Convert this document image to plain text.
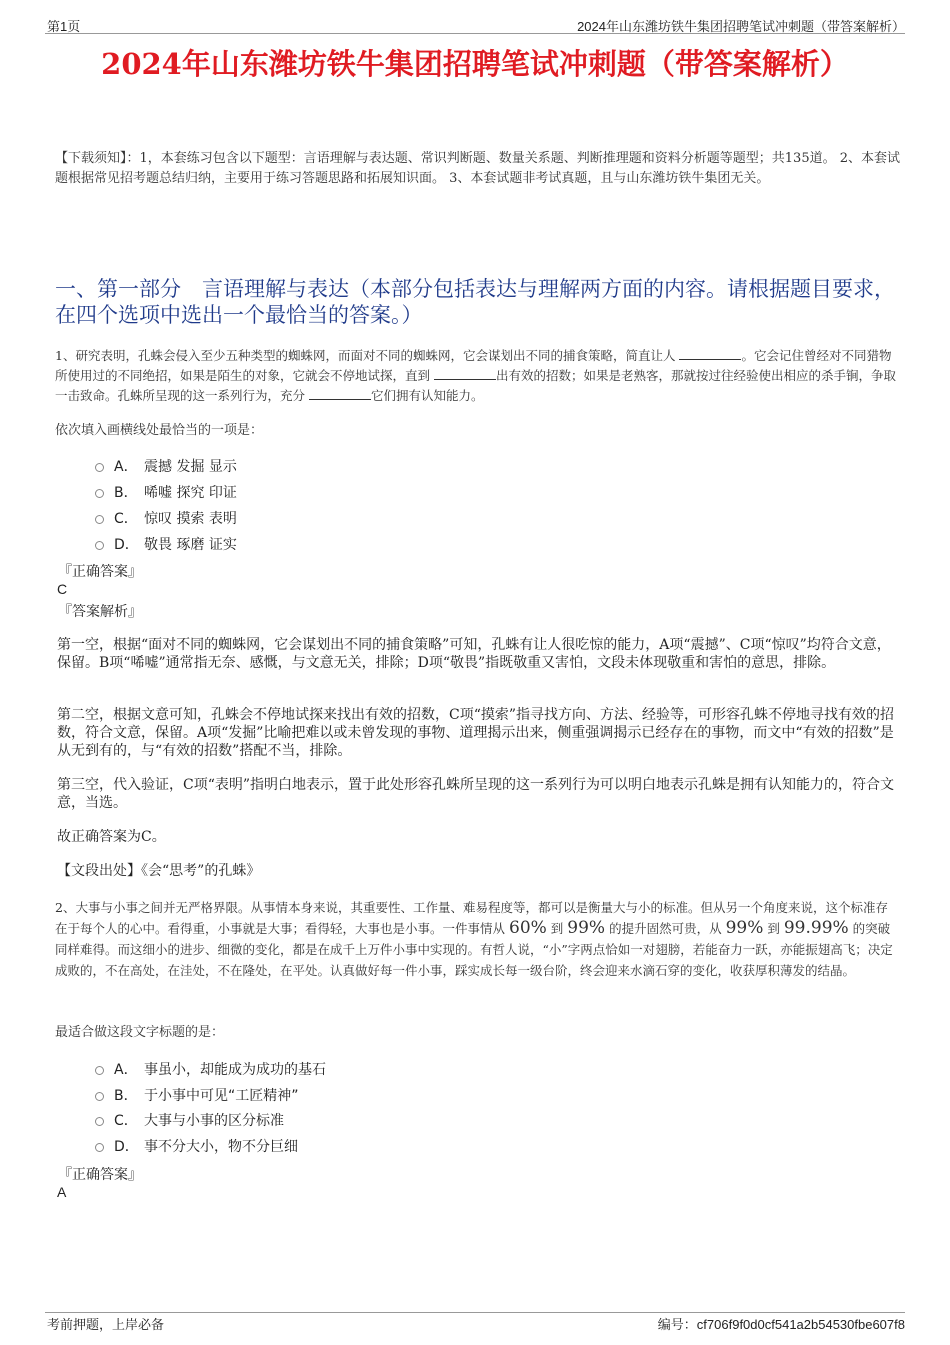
第1页	2024年山东潍坊铁牛集团招聘笔试冲刺题（带答案解析）
2024年山东潍坊铁牛集团招聘笔试冲刺题（带答案解析）
【下载须知】：1，本套练习包含以下题型：言语理解与表达题、常识判断题、数量关系题、判断推理题和资料分析题等题型；共135道。 2、本套试题根据常见招考题总结归纳，主要用于练习答题思路和拓展知识面。 3、本套试题非考试真题，且与山东潍坊铁牛集团无关。
一、第一部分　言语理解与表达（本部分包括表达与理解两方面的内容。请根据题目要求，在四个选项中选出一个最恰当的答案。）
1、研究表明，孔蛛会侵入至少五种类型的蜘蛛网，而面对不同的蜘蛛网，它会谋划出不同的捕食策略，简直让人	。它会记住曾经对不同猎物所使用过的不同绝招，如果是陌生的对象，它就会不停地试探，直到	出有效的招数；如果是老熟客，那就按过往经验使出相应的杀手锏，争取一击致命。孔蛛所呈现的这一系列行为，充分	它们拥有认知能力。
依次填入画横线处最恰当的一项是：
A． 震撼 发掘 显示
B． 唏嘘 探究 印证
C． 惊叹 摸索 表明
D． 敬畏 琢磨 证实
『正确答案』
C
『答案解析』
第一空，根据“面对不同的蜘蛛网，它会谋划出不同的捕食策略”可知，孔蛛有让人很吃惊的能力，A项“震撼”、C项“惊叹”均符合文意，保留。B项“唏嘘”通常指无奈、感慨，与文意无关，排除；D项“敬畏”指既敬重又害怕，文段未体现敬重和害怕的意思，排除。
第二空，根据文意可知，孔蛛会不停地试探来找出有效的招数，C项“摸索”指寻找方向、方法、经验等，可形容孔蛛不停地寻找有效的招数，符合文意，保留。A项“发掘”比喻把难以或未曾发现的事物、道理揭示出来，侧重强调揭示已经存在的事物，而文中“有效的招数”是从无到有的，与“有效的招数”搭配不当，排除。
第三空，代入验证，C项“表明”指明白地表示，置于此处形容孔蛛所呈现的这一系列行为可以明白地表示孔蛛是拥有认知能力的，符合文意，当选。
故正确答案为C。
【文段出处】《会“思考”的孔蛛》
2、大事与小事之间并无严格界限。从事情本身来说，其重要性、工作量、难易程度等，都可以是衡量大与小的标准。但从另一个角度来说，这个标准存在于每个人的心中。看得重，小事就是大事；看得轻，大事也是小事。一件事情从 60% 到 99% 的提升固然可贵，从 99% 到 99.99% 的突破同样难得。而这细小的进步、细微的变化，都是在成千上万件小事中实现的。有哲人说，“小”字两点恰如一对翅膀，若能奋力一跃，亦能振翅高飞；决定成败的，不在高处，在洼处，不在隆处，在平处。认真做好每一件小事，踩实成长每一级台阶，终会迎来水滴石穿的变化，收获厚积薄发的结晶。
最适合做这段文字标题的是：
A． 事虽小，却能成为成功的基石
B． 于小事中可见“工匠精神”
C． 大事与小事的区分标准
D． 事不分大小，物不分巨细
『正确答案』
A
考前押题，上岸必备	编号：cf706f9f0d0cf541a2b54530fbe607f8
